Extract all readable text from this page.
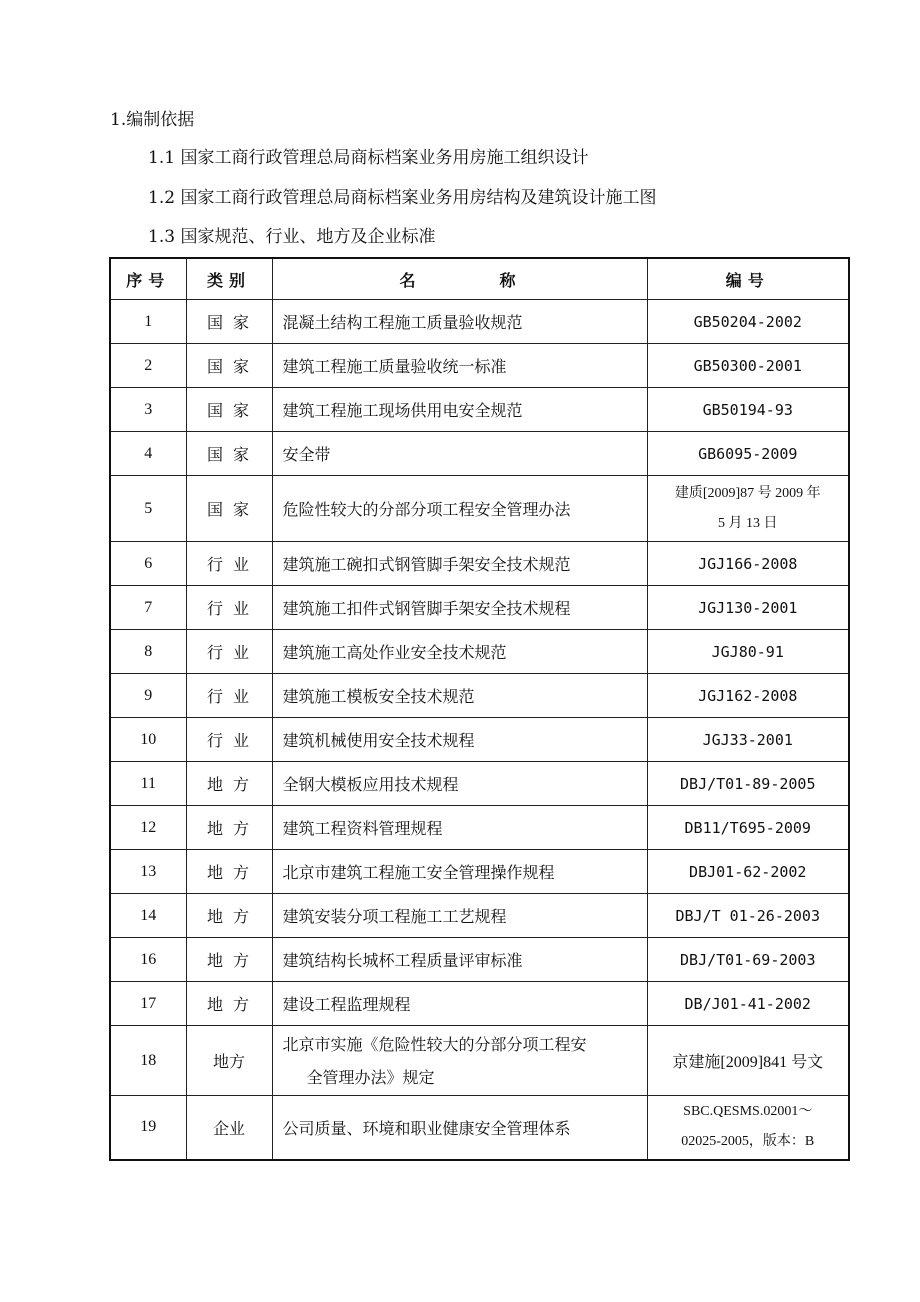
1.编制依据
1.1 国家工商行政管理总局商标档案业务用房施工组织设计
1.2 国家工商行政管理总局商标档案业务用房结构及建筑设计施工图
1.3 国家规范、行业、地方及企业标准
序号	类别	名　　　　称	编号
1	国家	混凝土结构工程施工质量验收规范	GB50204-2002
2	国家	建筑工程施工质量验收统一标准	GB50300-2001
3	国家	建筑工程施工现场供用电安全规范	GB50194-93
4	国家	安全带	GB6095-2009
5	国家	危险性较大的分部分项工程安全管理办法	建质[2009]87 号 2009 年
5 月 13 日

6	行业	建筑施工碗扣式钢管脚手架安全技术规范	JGJ166-2008
7	行业	建筑施工扣件式钢管脚手架安全技术规程	JGJ130-2001
8	行业	建筑施工高处作业安全技术规范	JGJ80-91
9	行业	建筑施工模板安全技术规范	JGJ162-2008
10	行业	建筑机械使用安全技术规程	JGJ33-2001
11	地方	全钢大模板应用技术规程	DBJ/T01-89-2005
12	地方	建筑工程资料管理规程	DB11/T695-2009
13	地方	北京市建筑工程施工安全管理操作规程	DBJ01-62-2002
14	地方	建筑安装分项工程施工工艺规程	DBJ/T 01-26-2003
16	地方	建筑结构长城杯工程质量评审标准	DBJ/T01-69-2003
17	地方	建设工程监理规程	DB/J01-41-2002
18	地方	北京市实施《危险性较大的分部分项工程安
全管理办法》规定	京建施[2009]841 号文
19	企业	公司质量、环境和职业健康安全管理体系	SBC.QESMS.02001～
02025-2005，版本：B
